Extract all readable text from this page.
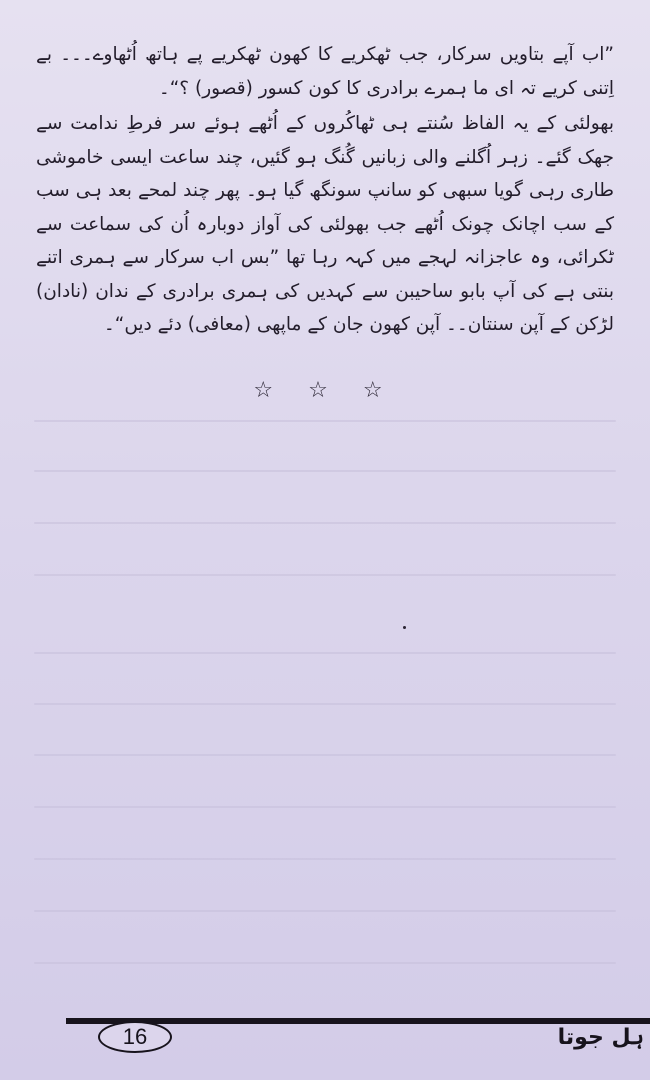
”اب آپے بتاویں سرکار، جب ٹھکریے کا کھون ٹھکریے پے ہاتھ اُٹھاوے۔۔۔ بے اِتنی کریے تہ ای ما ہمرے برادری کا کون کسور (قصور) ؟“۔

بھولئی کے یہ الفاظ سُنتے ہی ٹھاکُروں کے اُٹھے ہوئے سر فرطِ ندامت سے جھک گئے۔ زہر اُگلنے والی زبانیں گُنگ ہو گئیں، چند ساعت ایسی خاموشی طاری رہی گویا سبھی کو سانپ سونگھ گیا ہو۔ پھر چند لمحے بعد ہی سب کے سب اچانک چونک اُٹھے جب بھولئی کی آواز دوبارہ اُن کی سماعت سے ٹکرائی، وہ عاجزانہ لہجے میں کہہ رہا تھا ”بس اب سرکار سے ہمری اتنے بنتی ہے کی آپ بابو ساحیبن سے کہدیں کی ہمری برادری کے ندان (نادان) لڑکن کے آپن سنتان۔۔ آپن کھون جان کے ماپھی (معافی) دئے دیں“۔

☆ ☆ ☆
16	ہل جوتا
